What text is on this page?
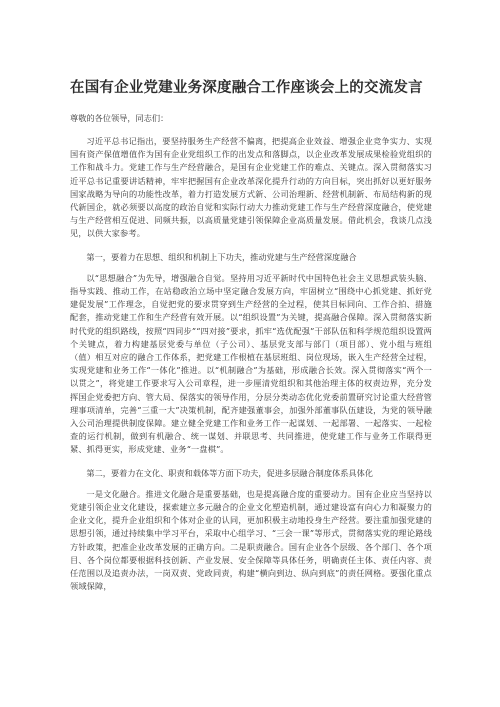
在国有企业党建业务深度融合工作座谈会上的交流发言

尊敬的各位领导，同志们：

习近平总书记指出，要坚持服务生产经营不偏离，把提高企业效益、增强企业竞争实力、实现国有资产保值增值作为国有企业党组织工作的出发点和落脚点，以企业改革发展成果检验党组织的工作和战斗力。党建工作与生产经营融合，是国有企业党建工作的难点、关键点。深入贯彻落实习近平总书记重要讲话精神，牢牢把握国有企业改革深化提升行动的方向目标，突出抓好以更好服务国家战略为导向的功能性改革，着力打造发展方式新、公司治理新、经营机制新、布局结构新的现代新国企，就必须要以高度的政治自觉和实际行动大力推动党建工作与生产经营深度融合，使党建与生产经营相互促进、同频共振，以高质量党建引领保障企业高质量发展。借此机会，我谈几点浅见，以供大家参考。

第一，要着力在思想、组织和机制上下功夫，推动党建与生产经营深度融合

以“思想融合”为先导，增强融合自觉。坚持用习近平新时代中国特色社会主义思想武装头脑、指导实践、推动工作，在站稳政治立场中坚定融合发展方向，牢固树立“围绕中心抓党建、抓好党建促发展”工作理念，自觉把党的要求贯穿到生产经营的全过程，使其目标同向、工作合拍、措施配套，推动党建工作和生产经营有效开展。以“组织设置”为关键，提高融合保障。深入贯彻落实新时代党的组织路线，按照“四同步”“四对接”要求，抓牢“选优配强”干部队伍和科学规范组织设置两个关键点，着力构建基层党委与单位（子公司）、基层党支部与部门（项目部）、党小组与班组（值）相互对应的融合工作体系，把党建工作根植在基层班组、岗位现场，嵌入生产经营全过程，实现党建和业务工作“一体化”推进。以“机制融合”为基础，形成融合长效。深入贯彻落实“两个一以贯之”，将党建工作要求写入公司章程，进一步厘清党组织和其他治理主体的权责边界，充分发挥国企党委把方向、管大局、保落实的领导作用，分层分类动态优化党委前置研究讨论重大经营管理事项清单，完善“三重一大”决策机制，配齐建强董事会，加强外部董事队伍建设，为党的领导融入公司治理提供制度保障。建立健全党建工作和业务工作一起谋划、一起部署、一起落实、一起检查的运行机制，做到有机融合、统一谋划、并联思考、共同推进，使党建工作与业务工作联得更紧、抓得更实，形成党建、业务“一盘棋”。

第二，要着力在文化、职责和载体等方面下功夫，促进多层融合制度体系具体化

一是文化融合。推进文化融合是重要基础，也是提高融合度的重要动力。国有企业应当坚持以党建引领企业文化建设，探索建立多元融合的企业文化塑造机制，通过建设富有向心力和凝聚力的企业文化，提升企业组织和个体对企业的认同，更加积极主动地投身生产经营。要注重加强党建的思想引领，通过持续集中学习平台，采取中心组学习、“三会一课”等形式，贯彻落实党的理论路线方针政策，把准企业改革发展的正确方向。二是职责融合。国有企业各个层级、各个部门、各个项目、各个岗位都要根据科技创新、产业发展、安全保障等具体任务，明确责任主体、责任内容、责任范围以及追责办法，一岗双责、党政同责，构建“横向到边、纵向到底”的责任网格。要强化重点领域保障，
